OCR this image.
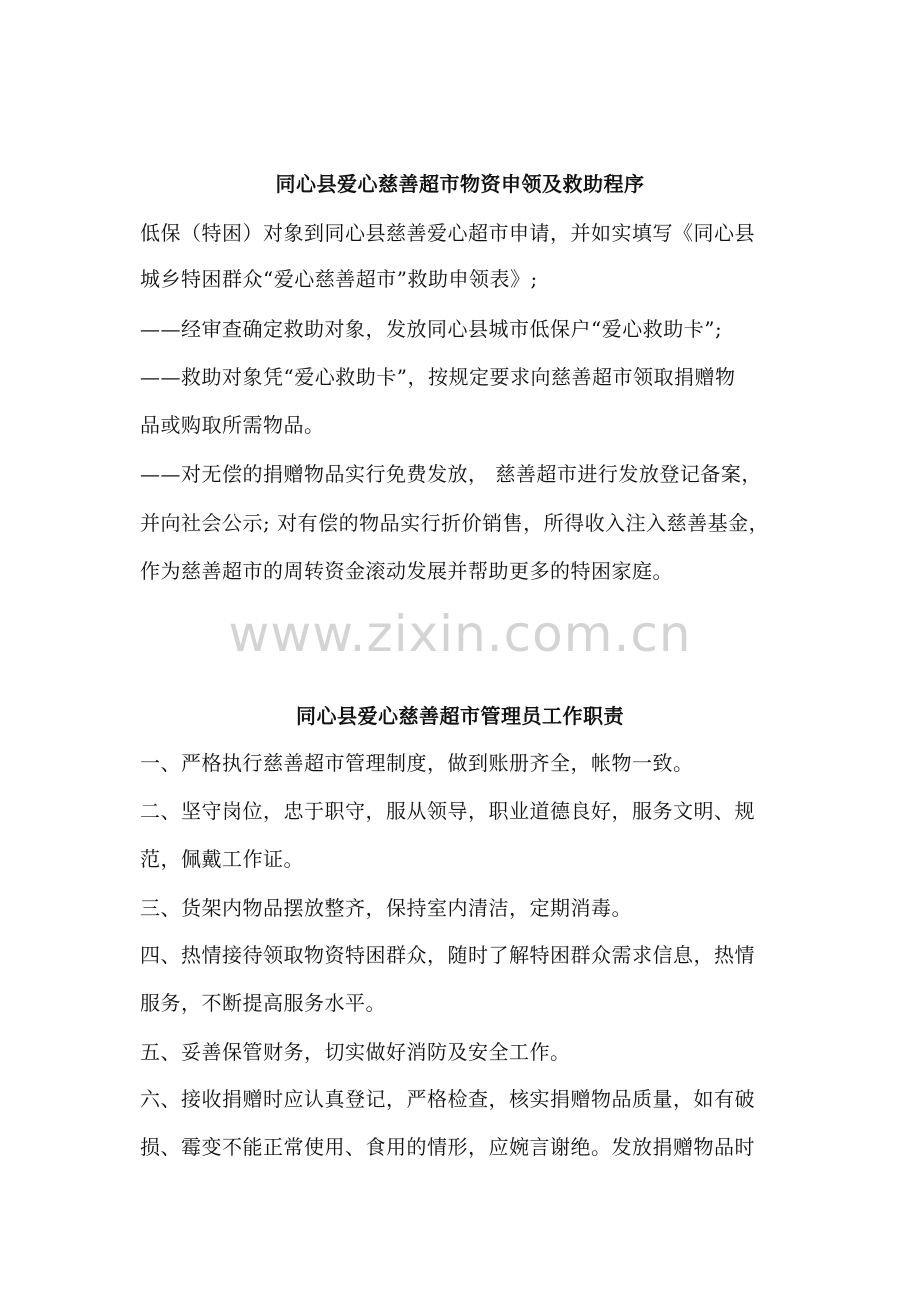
同心县爱心慈善超市物资申领及救助程序
低保（特困）对象到同心县慈善爱心超市申请，并如实填写《同心县
城乡特困群众“爱心慈善超市”救助申领表》;
——经审查确定救助对象，发放同心县城市低保户“爱心救助卡”;
——救助对象凭“爱心救助卡”，按规定要求向慈善超市领取捐赠物
品或购取所需物品。
——对无偿的捐赠物品实行免费发放， 慈善超市进行发放登记备案，
并向社会公示; 对有偿的物品实行折价销售，所得收入注入慈善基金，
作为慈善超市的周转资金滚动发展并帮助更多的特困家庭。
www.zixin.com.cn
同心县爱心慈善超市管理员工作职责
一、严格执行慈善超市管理制度，做到账册齐全，帐物一致。
二、坚守岗位，忠于职守，服从领导，职业道德良好，服务文明、规
范，佩戴工作证。
三、货架内物品摆放整齐，保持室内清洁，定期消毒。
四、热情接待领取物资特困群众，随时了解特困群众需求信息，热情
服务，不断提高服务水平。
五、妥善保管财务，切实做好消防及安全工作。
六、接收捐赠时应认真登记，严格检查，核实捐赠物品质量，如有破
损、霉变不能正常使用、食用的情形，应婉言谢绝。发放捐赠物品时
